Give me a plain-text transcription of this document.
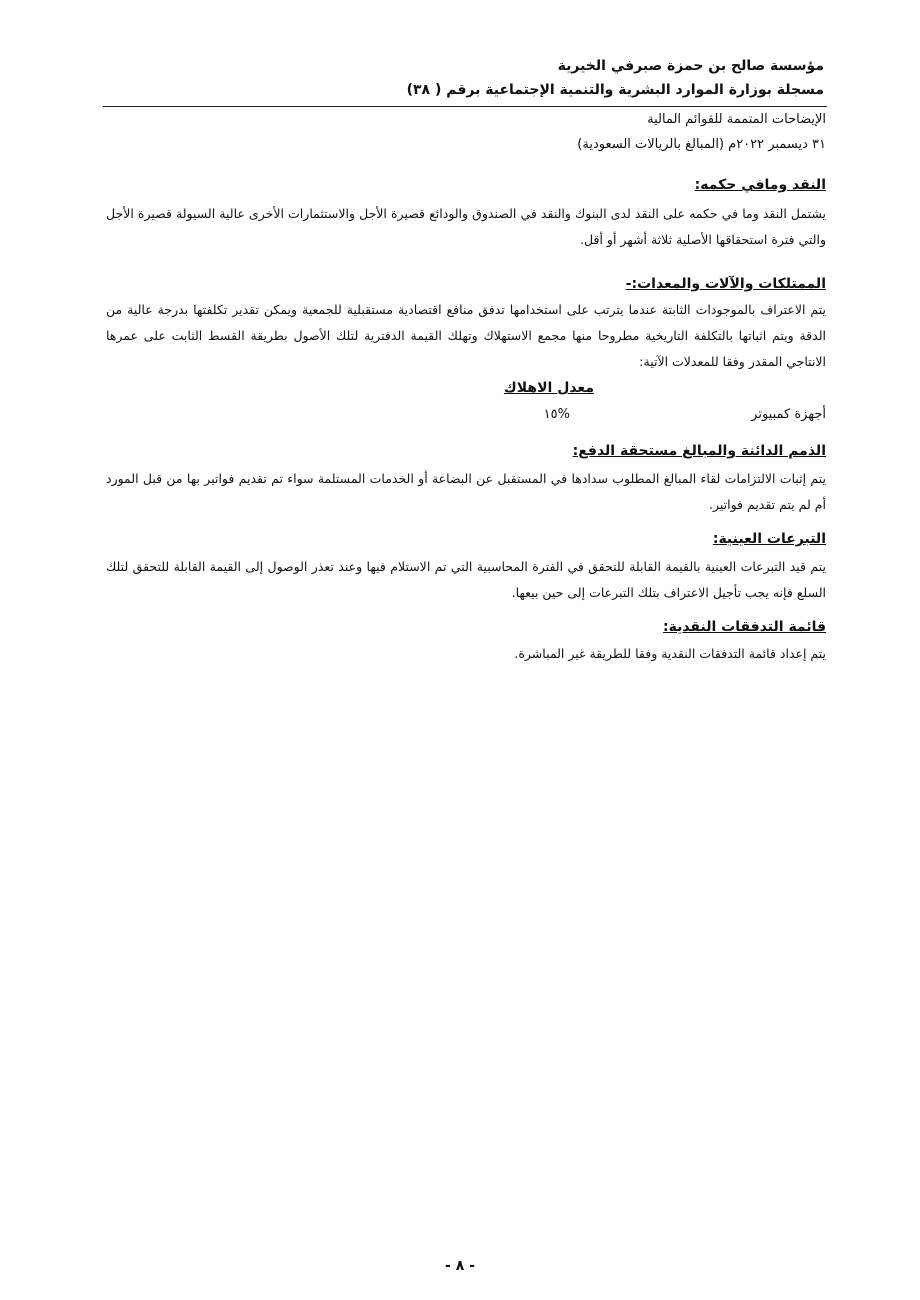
مؤسسة صالح بن حمزة صبرفي الخيرية
مسجلة بوزارة الموارد البشرية والتنمية الإجتماعية برقم ( ٣٨)
الإيضاحات المتممة للقوائم المالية
٣١ ديسمبر ٢٠٢٢م (المبالغ بالريالات السعودية)
النقد ومافي حكمه:
يشتمل النقد وما في حكمه على النقد لدى البنوك والنقد في الصندوق والودائع قصيرة الأجل والاستثمارات الأخرى عالية السيولة قصيرة الأجل والتي فترة استحقاقها الأصلية ثلاثة أشهر أو أقل.
الممتلكات والآلات والمعدات:-
يتم الاعتراف بالموجودات الثابتة عندما يترتب على استخدامها تدفق منافع اقتصادية مستقبلية للجمعية ويمكن تقدير تكلفتها بدرجة عالية من الدقة ويتم اثباتها بالتكلفة التاريخية مطروحا منها مجمع الاستهلاك وتهلك القيمة الدفترية لتلك الأصول بطريقة القسط الثابت على عمرها الانتاجي المقدر وفقا للمعدلات الآتية:
معدل الاهلاك
أجهزة كمبيوتر
%١٥
الذمم الدائنة والمبالغ مستحقة الدفع:
يتم إثبات الالتزامات لقاء المبالغ المطلوب سدادها في المستقبل عن البضاعة أو الخدمات المستلمة سواء تم تقديم فواتير بها من قبل المورد أم لم يتم تقديم فواتير.
التبرعات العينية:
يتم قيد التبرعات العينية بالقيمة القابلة للتحقق في الفترة المحاسبية التي تم الاستلام فيها وعند تعذر الوصول إلى القيمة القابلة للتحقق لتلك السلع فإنه يجب تأجيل الاعتراف بتلك التبرعات إلى حين بيعها.
قائمة التدفقات النقدية:
يتم إعداد قائمة التدفقات النقدية وفقا للطريقة غير المباشرة.
- ٨ -
